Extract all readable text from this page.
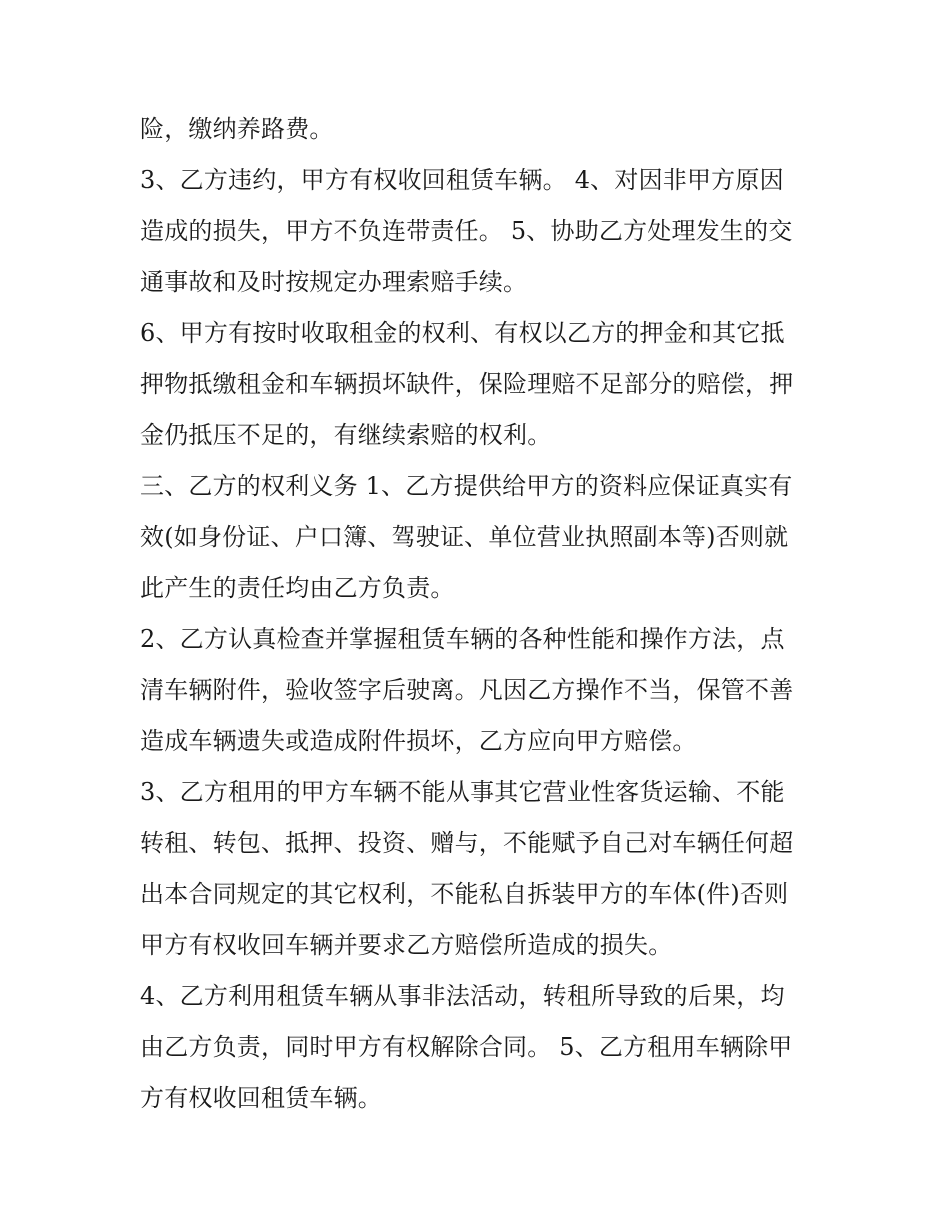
险，缴纳养路费。
3、乙方违约，甲方有权收回租赁车辆。 4、对因非甲方原因
造成的损失，甲方不负连带责任。 5、协助乙方处理发生的交
通事故和及时按规定办理索赔手续。
6、甲方有按时收取租金的权利、有权以乙方的押金和其它抵
押物抵缴租金和车辆损坏缺件，保险理赔不足部分的赔偿，押
金仍抵压不足的，有继续索赔的权利。
三、乙方的权利义务 1、乙方提供给甲方的资料应保证真实有
效(如身份证、户口簿、驾驶证、单位营业执照副本等)否则就
此产生的责任均由乙方负责。
2、乙方认真检查并掌握租赁车辆的各种性能和操作方法，点
清车辆附件，验收签字后驶离。凡因乙方操作不当，保管不善
造成车辆遗失或造成附件损坏，乙方应向甲方赔偿。
3、乙方租用的甲方车辆不能从事其它营业性客货运输、不能
转租、转包、抵押、投资、赠与，不能赋予自己对车辆任何超
出本合同规定的其它权利，不能私自拆装甲方的车体(件)否则
甲方有权收回车辆并要求乙方赔偿所造成的损失。
4、乙方利用租赁车辆从事非法活动，转租所导致的后果，均
由乙方负责，同时甲方有权解除合同。 5、乙方租用车辆除甲
方有权收回租赁车辆。
